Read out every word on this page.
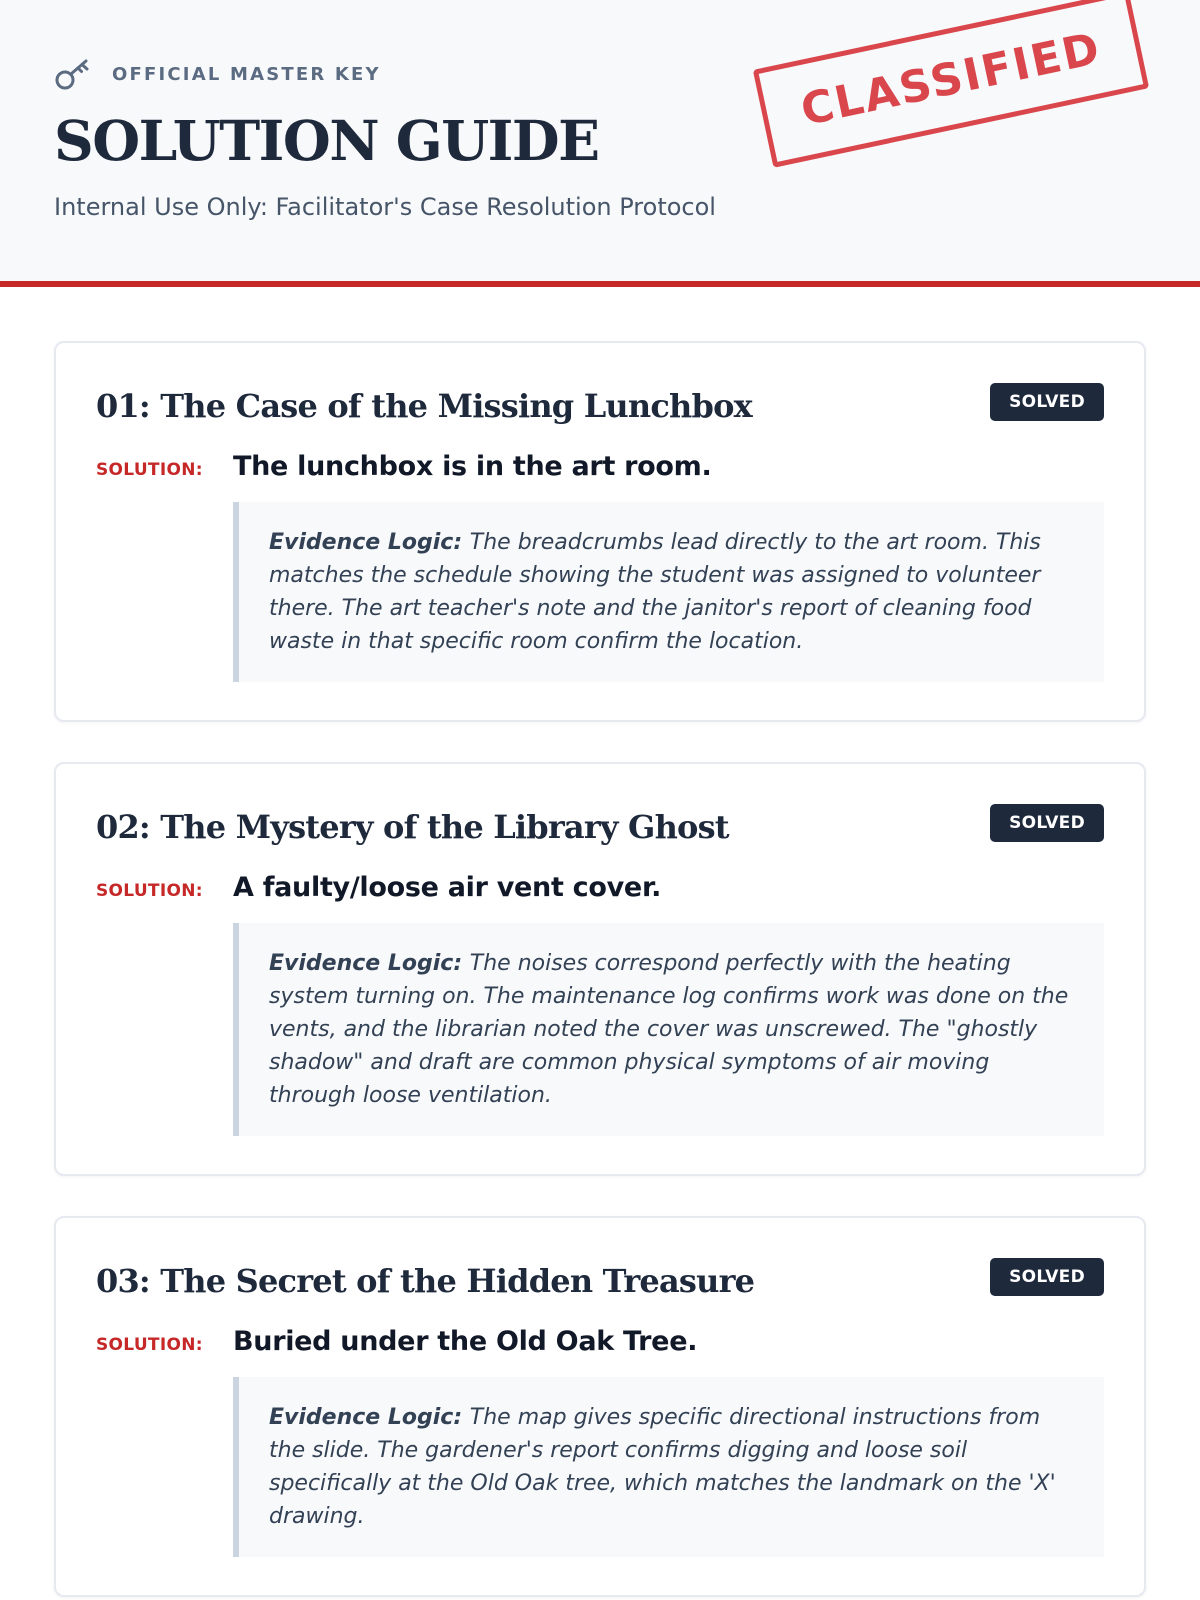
OFFICIAL MASTER KEY
SOLUTION GUIDE

Internal Use Only: Facilitator's Case Resolution Protocol

CLASSIFIED
01: The Case of the Missing Lunchbox	SOLVED
SOLUTION:	The lunchbox is in the art room.
Evidence Logic: The breadcrumbs lead directly to the art room. This matches the schedule showing the student was assigned to volunteer there. The art teacher's note and the janitor's report of cleaning food waste in that specific room confirm the location.
02: The Mystery of the Library Ghost	SOLVED
SOLUTION:	A faulty/loose air vent cover.
Evidence Logic: The noises correspond perfectly with the heating system turning on. The maintenance log confirms work was done on the vents, and the librarian noted the cover was unscrewed. The "ghostly shadow" and draft are common physical symptoms of air moving through loose ventilation.
03: The Secret of the Hidden Treasure	SOLVED
SOLUTION:	Buried under the Old Oak Tree.
Evidence Logic: The map gives specific directional instructions from the slide. The gardener's report confirms digging and loose soil specifically at the Old Oak tree, which matches the landmark on the 'X' drawing.
